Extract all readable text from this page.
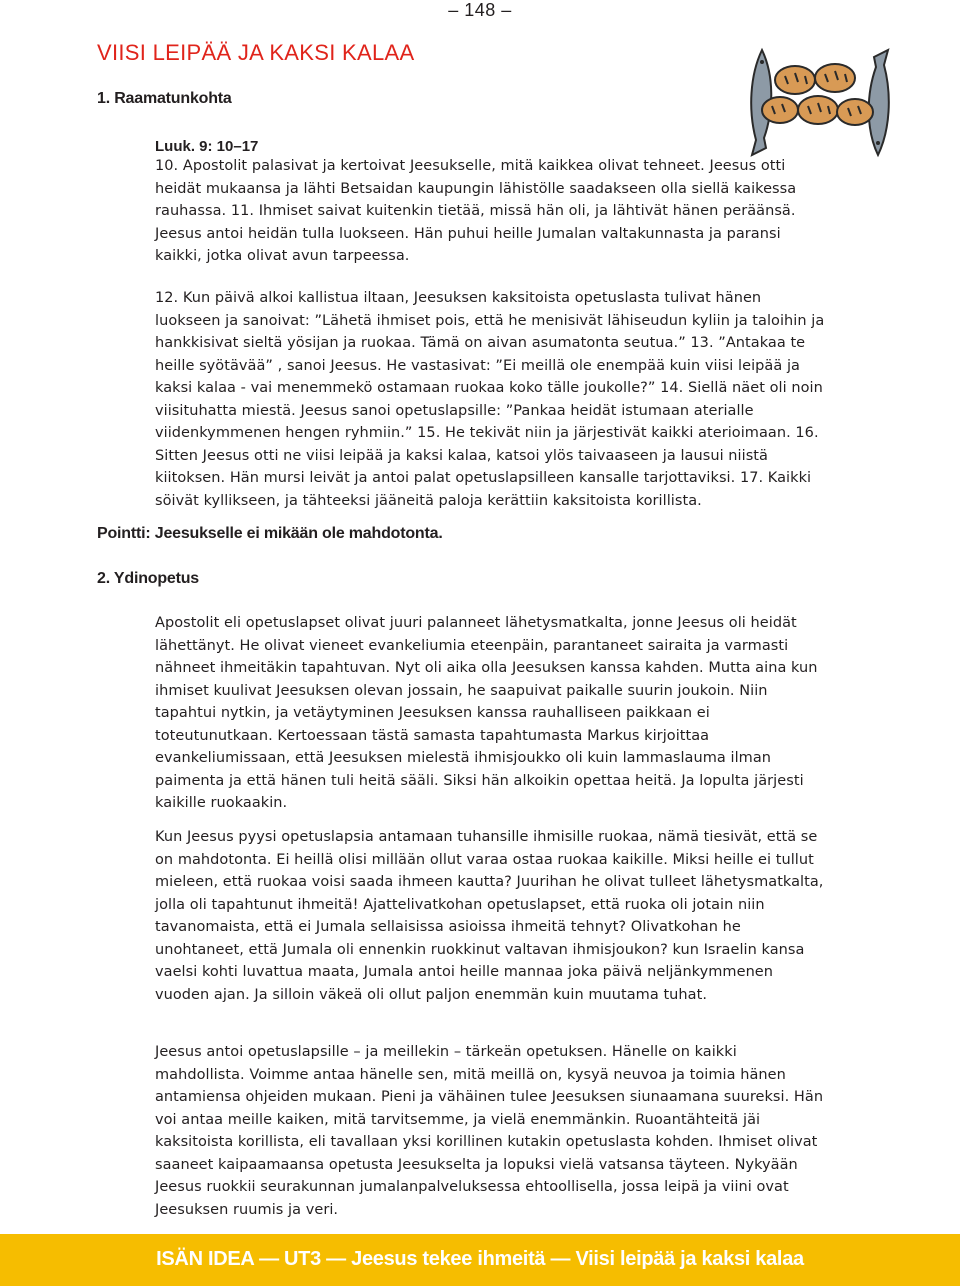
– 148 –
VIISI LEIPÄÄ JA KAKSI KALAA
1. Raamatunkohta
Luuk. 9: 10–17

10. Apostolit palasivat ja kertoivat Jeesukselle, mitä kaikkea olivat tehneet. Jeesus otti heidät mukaansa ja lähti Betsaidan kaupungin lähistölle saadakseen olla siellä kaikessa rauhassa. 11. Ihmiset saivat kuitenkin tietää, missä hän oli, ja lähtivät hänen peräänsä. Jeesus antoi heidän tulla luokseen. Hän puhui heille Jumalan valtakunnasta ja paransi kaikki, jotka olivat avun tarpeessa.

12. Kun päivä alkoi kallistua iltaan, Jeesuksen kaksitoista opetuslasta tulivat hänen luokseen ja sanoivat: ”Lähetä ihmiset pois, että he menisivät lähiseudun kyliin ja taloihin ja hankkisivat sieltä yösijan ja ruokaa. Tämä on aivan asumatonta seutua.” 13. ”Antakaa te heille syötävää” , sanoi Jeesus. He vastasivat: ”Ei meillä ole enempää kuin viisi leipää ja kaksi kalaa - vai menemmekö ostamaan ruokaa koko tälle joukolle?” 14. Siellä näet oli noin viisituhatta miestä. Jeesus sanoi opetuslapsille: ”Pankaa heidät istumaan aterialle viidenkymmenen hengen ryhmiin.” 15. He tekivät niin ja järjestivät kaikki aterioimaan. 16. Sitten Jeesus otti ne viisi leipää ja kaksi kalaa, katsoi ylös taivaaseen ja lausui niistä kiitoksen. Hän mursi leivät ja antoi palat opetuslapsilleen kansalle tarjottaviksi. 17. Kaikki söivät kyllikseen, ja tähteeksi jääneitä paloja kerättiin kaksitoista korillista.

Pointti: Jeesukselle ei mikään ole mahdotonta.
2. Ydinopetus

Apostolit eli opetuslapset olivat juuri palanneet lähetysmatkalta, jonne Jeesus oli heidät lähettänyt. He olivat vieneet evankeliumia eteenpäin, parantaneet sairaita ja varmasti nähneet ihmeitäkin tapahtuvan. Nyt oli aika olla Jeesuksen kanssa kahden. Mutta aina kun ihmiset kuulivat Jeesuksen olevan jossain, he saapuivat paikalle suurin joukoin. Niin tapahtui nytkin, ja vetäytyminen Jeesuksen kanssa rauhalliseen paikkaan ei toteutunutkaan. Kertoessaan tästä samasta tapahtumasta Markus kirjoittaa evankeliumissaan, että Jeesuksen mielestä ihmisjoukko oli kuin lammaslauma ilman paimenta ja että hänen tuli heitä sääli. Siksi hän alkoikin opettaa heitä. Ja lopulta järjesti kaikille ruokaakin.

Kun Jeesus pyysi opetuslapsia antamaan tuhansille ihmisille ruokaa, nämä tiesivät, että se on mahdotonta. Ei heillä olisi millään ollut varaa ostaa ruokaa kaikille. Miksi heille ei tullut mieleen, että ruokaa voisi saada ihmeen kautta? Juurihan he olivat tulleet lähetysmatkalta, jolla oli tapahtunut ihmeitä! Ajattelivatkohan opetuslapset, että ruoka oli jotain niin tavanomaista, että ei Jumala sellaisissa asioissa ihmeitä tehnyt? Olivatkohan he unohtaneet, että Jumala oli ennenkin ruokkinut valtavan ihmisjoukon? kun Israelin kansa vaelsi kohti luvattua maata, Jumala antoi heille mannaa joka päivä neljänkymmenen vuoden ajan. Ja silloin väkeä oli ollut paljon enemmän kuin muutama tuhat.

Jeesus antoi opetuslapsille – ja meillekin – tärkeän opetuksen. Hänelle on kaikki mahdollista. Voimme antaa hänelle sen, mitä meillä on, kysyä neuvoa ja toimia hänen antamiensa ohjeiden mukaan. Pieni ja vähäinen tulee Jeesuksen siunaamana suureksi. Hän voi antaa meille kaiken, mitä tarvitsemme, ja vielä enemmänkin. Ruoantähteitä jäi kaksitoista korillista, eli tavallaan yksi korillinen kutakin opetuslasta kohden. Ihmiset olivat saaneet kaipaamaansa opetusta Jeesukselta ja lopuksi vielä vatsansa täyteen. Nykyään Jeesus ruokkii seurakunnan jumalanpalveluksessa ehtoollisella, jossa leipä ja viini ovat Jeesuksen ruumis ja veri.

ISÄN IDEA — UT3 — Jeesus tekee ihmeitä — Viisi leipää ja kaksi kalaa
